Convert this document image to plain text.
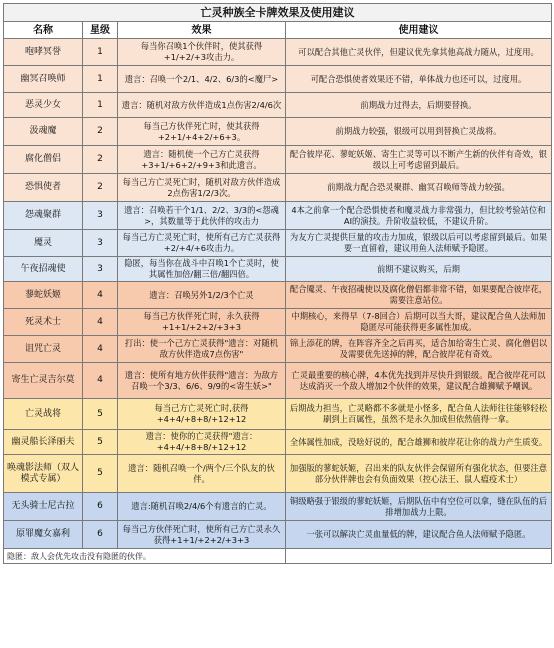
亡灵种族全卡牌效果及使用建议			
名称	星级	效果	使用建议
咆哮冥誉	1	每当你召唤1个伙伴时，使其获得+1/+2/+3攻击力。	可以配合其他亡灵伙伴，但建议优先拿其他高战力随从，过度用。
幽冥召唤师	1	遗言：召唤一个2/1、4/2、6/3的<魔尸>	可配合恐惧使者效果还不错，单体战力也还可以，过度用。
恶灵少女	1	遗言：随机对敌方伙伴造成1点伤害2/4/6次	前期战力过得去，后期要替换。
汲魂魔	2	每当己方伙伴死亡时，使其获得+2+1/+4+2/+6+3。	前期战力较强，银级可以用到替换亡灵战将。
腐化僧侣	2	遗言：随机使一个己方亡灵获得+3+1/+6+2/+9+3和此遗言。	配合彼岸花、蓼蛇妖姬、寄生亡灵等可以不断产生新的伙伴有奇效，银级以上可考虑留到最后。
恐惧使者	2	每当己方亡灵死亡时，随机对敌方伙伴造成2点伤害1/2/3次。	前期战力配合恐灵聚群、幽冥召唤师等战力较强。
怨魂聚群	3	遗言：召唤若干个1/1、2/2、3/3的<怨魂>，其数量等于此伙伴的攻击力	4本之前拿一个配合恐惧使者和魔灵战力非常强力，但比较考验站位和AI的演技。升阶收益较低，不建议升阶。
魇灵	3	每当己方亡灵死亡时，使所有己方亡灵获得+2/+4/+6攻击力。	为友方亡灵提供巨量的攻击力加成，银级以后可以考虑留到最后。如果要一直留着，建议用鱼人法师赋予隐匿。
午夜招魂使	3	隐匿，每当你在战斗中召唤1个亡灵时，使其属性加倍/翻三倍/翻四倍。	前期不建议购买，后期
蓼蛇妖姬	4	遗言：召唤另外1/2/3个亡灵	配合魇灵、午夜招魂使以及腐化僧侣都非常不错，如果要配合彼岸花，需要注意站位。
死灵术士	4	每当己方伙伴死亡时，永久获得+1+1/+2+2/+3+3	中期核心，来得早（7-8回合）后期可以当大哥，建议配合鱼人法师加隐匿尽可能获得更多属性加成。
诅咒亡灵	4	打出：使一个己方亡灵获得"遗言：对随机敌方伙伴造成7点伤害"	锦上添花的牌，在阵容齐全之后再买，适合加给寄生亡灵、腐化僧侣以及需要优先送掉的牌，配合彼岸花有奇效。
寄生亡灵吉尔莫	4	遗言：使所有地方伙伴获得"遗言：为敌方召唤一个3/3、6/6、9/9的<寄生妖>"	亡灵最重要的核心牌，4本优先找到并尽快升到银级。配合彼岸花可以达成消灭一个敌人增加2个伙伴的效果，建议配合雄狮赋予嘲讽。
亡灵战将	5	每当己方亡灵死亡时,获得+4+4/+8+8/+12+12	后期战力担当，亡灵略都不多就是小怪多，配合鱼人法师往往能够轻松刷到上百属性，虽然不是永久加成但依然值得一拿。
幽灵船长泽丽夫	5	遗言：使你的亡灵获得"遗言：+4+4/+8+8/+12+12	全体属性加成，没啥好说的，配合雄狮和彼岸花让你的战力产生质变。
唤魂影法师（双人模式专属）	5	遗言：随机召唤一个/两个/三个队友的伙伴。	加强版的蓼蛇妖姬，召出来的队友伙伴会保留所有强化状态，但要注意部分伙伴牌也会有负面效果（控心法王、鼠人瘟疫术士）
无头骑士尼古拉	6	遗言:随机召唤2/4/6个有遗言的亡灵。	铜级略强于银级的蓼蛇妖姬，后期队伍中有空位可以拿，缝在队伍的后排增加战力上限。
原罪魔女嘉利	6	每当己方伙伴死亡时，使所有己方亡灵永久获得+1+1/+2+2/+3+3	一张可以解决亡灵血量低的牌，建议配合鱼人法师赋予隐匿。
隐匿：敌人会优先攻击没有隐匿的伙伴。			
